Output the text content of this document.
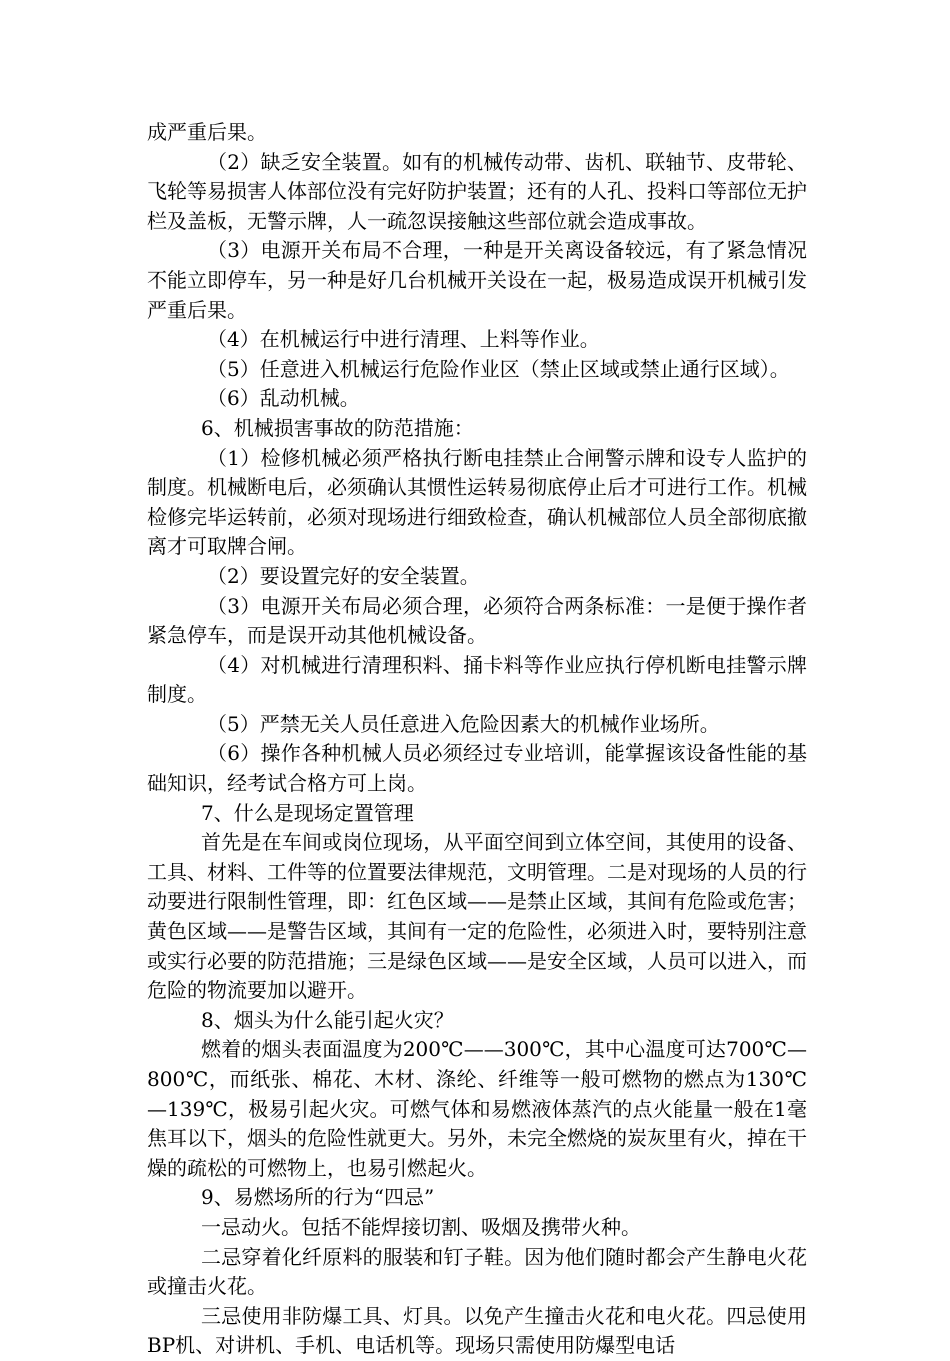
成严重后果。

（2）缺乏安全装置。如有的机械传动带、齿机、联轴节、皮带轮、飞轮等易损害人体部位没有完好防护装置；还有的人孔、投料口等部位无护栏及盖板，无警示牌，人一疏忽误接触这些部位就会造成事故。

（3）电源开关布局不合理，一种是开关离设备较远，有了紧急情况不能立即停车，另一种是好几台机械开关设在一起，极易造成误开机械引发严重后果。

（4）在机械运行中进行清理、上料等作业。

（5）任意进入机械运行危险作业区（禁止区域或禁止通行区域）。

（6）乱动机械。

6、机械损害事故的防范措施：

（1）检修机械必须严格执行断电挂禁止合闸警示牌和设专人监护的制度。机械断电后，必须确认其惯性运转易彻底停止后才可进行工作。机械检修完毕运转前，必须对现场进行细致检查，确认机械部位人员全部彻底撤离才可取牌合闸。

（2）要设置完好的安全装置。

（3）电源开关布局必须合理，必须符合两条标准：一是便于操作者紧急停车，而是误开动其他机械设备。

（4）对机械进行清理积料、捅卡料等作业应执行停机断电挂警示牌制度。

（5）严禁无关人员任意进入危险因素大的机械作业场所。

（6）操作各种机械人员必须经过专业培训，能掌握该设备性能的基础知识，经考试合格方可上岗。

7、什么是现场定置管理

首先是在车间或岗位现场，从平面空间到立体空间，其使用的设备、工具、材料、工件等的位置要法律规范，文明管理。二是对现场的人员的行动要进行限制性管理，即：红色区域——是禁止区域，其间有危险或危害；黄色区域——是警告区域，其间有一定的危险性，必须进入时，要特别注意或实行必要的防范措施；三是绿色区域——是安全区域，人员可以进入，而危险的物流要加以避开。

8、烟头为什么能引起火灾？

燃着的烟头表面温度为200℃——300℃，其中心温度可达700℃—800℃，而纸张、棉花、木材、涤纶、纤维等一般可燃物的燃点为130℃—139℃，极易引起火灾。可燃气体和易燃液体蒸汽的点火能量一般在1毫焦耳以下，烟头的危险性就更大。另外，未完全燃烧的炭灰里有火，掉在干燥的疏松的可燃物上，也易引燃起火。

9、易燃场所的行为“四忌”

一忌动火。包括不能焊接切割、吸烟及携带火种。

二忌穿着化纤原料的服装和钉子鞋。因为他们随时都会产生静电火花或撞击火花。

三忌使用非防爆工具、灯具。以免产生撞击火花和电火花。四忌使用BP机、对讲机、手机、电话机等。现场只需使用防爆型电话
